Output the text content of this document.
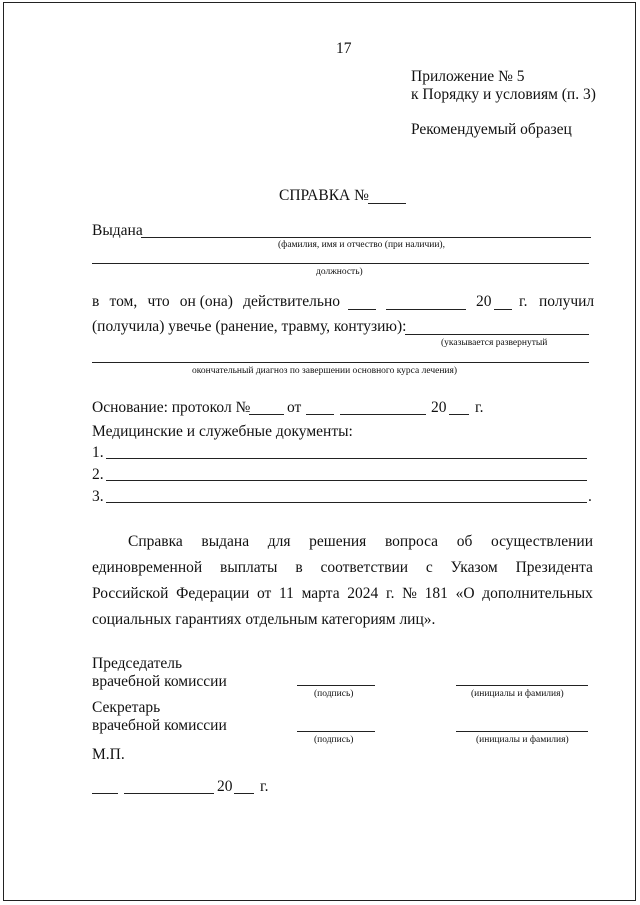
17
Приложение № 5
к Порядку и условиям (п. 3)
Рекомендуемый образец
СПРАВКА №
Выдана
(фамилия, имя и отчество (при наличии),
должность)
в том, что он (она) действительно	20 г. получил
(получила) увечье (ранение, травму, контузию):
(указывается развернутый
окончательный диагноз по завершении основного курса лечения)
Основание: протокол № от	20 г.
Медицинские и служебные документы:
1.
2.
3.	.
Справка выдана для решения вопроса об осуществлении
единовременной выплаты в соответствии с Указом Президента
Российской Федерации от 11 марта 2024 г. № 181 «О дополнительных
социальных гарантиях отдельным категориям лиц».
Председатель
врачебной комиссии
(подпись)	(инициалы и фамилия)
Секретарь
врачебной комиссии
(подпись)	(инициалы и фамилия)
М.П.
20 г.
